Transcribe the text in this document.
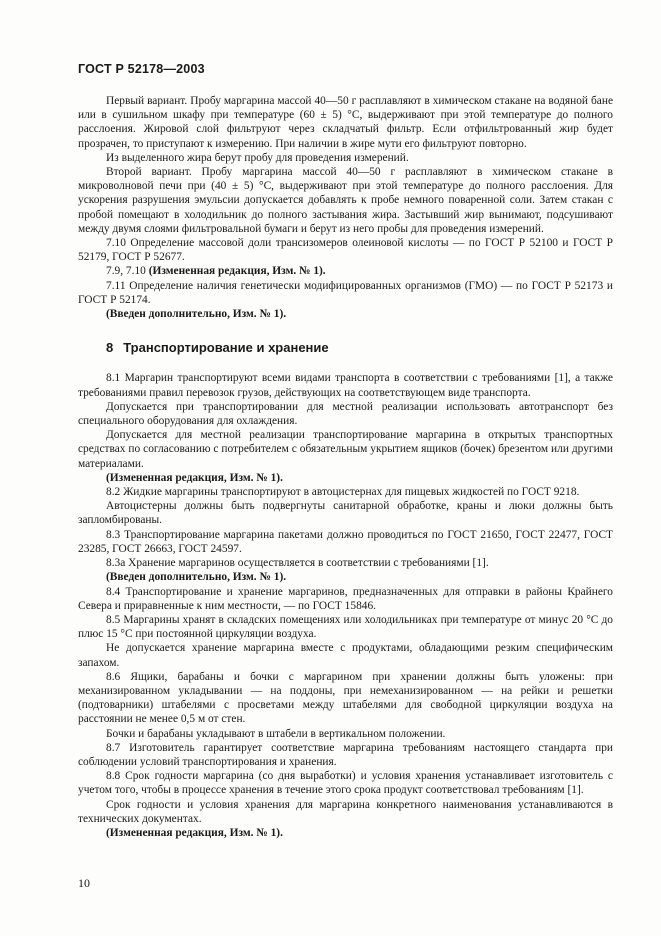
ГОСТ Р 52178—2003

Первый вариант. Пробу маргарина массой 40—50 г расплавляют в химическом стакане на водяной бане или в сушильном шкафу при температуре (60 ± 5) °С, выдерживают при этой температуре до полного расслоения. Жировой слой фильтруют через складчатый фильтр. Если отфильтрованный жир будет прозрачен, то приступают к измерению. При наличии в жире мути его фильтруют повторно.

Из выделенного жира берут пробу для проведения измерений.

Второй вариант. Пробу маргарина массой 40—50 г расплавляют в химическом стакане в микроволновой печи при (40 ± 5) °С, выдерживают при этой температуре до полного расслоения. Для ускорения разрушения эмульсии допускается добавлять к пробе немного поваренной соли. Затем стакан с пробой помещают в холодильник до полного застывания жира. Застывший жир вынимают, подсушивают между двумя слоями фильтровальной бумаги и берут из него пробы для проведения измерений.

7.10 Определение массовой доли трансизомеров олеиновой кислоты — по ГОСТ Р 52100 и ГОСТ Р 52179, ГОСТ Р 52677.

7.9, 7.10 (Измененная редакция, Изм. № 1).

7.11 Определение наличия генетически модифицированных организмов (ГМО) — по ГОСТ Р 52173 и ГОСТ Р 52174.

(Введен дополнительно, Изм. № 1).

8 Транспортирование и хранение

8.1 Маргарин транспортируют всеми видами транспорта в соответствии с требованиями [1], а также требованиями правил перевозок грузов, действующих на соответствующем виде транспорта.

Допускается при транспортировании для местной реализации использовать автотранспорт без специального оборудования для охлаждения.

Допускается для местной реализации транспортирование маргарина в открытых транспортных средствах по согласованию с потребителем с обязательным укрытием ящиков (бочек) брезентом или другими материалами.

(Измененная редакция, Изм. № 1).

8.2 Жидкие маргарины транспортируют в автоцистернах для пищевых жидкостей по ГОСТ 9218.

Автоцистерны должны быть подвергнуты санитарной обработке, краны и люки должны быть запломбированы.

8.3 Транспортирование маргарина пакетами должно проводиться по ГОСТ 21650, ГОСТ 22477, ГОСТ 23285, ГОСТ 26663, ГОСТ 24597.

8.3а Хранение маргаринов осуществляется в соответствии с требованиями [1].

(Введен дополнительно, Изм. № 1).

8.4 Транспортирование и хранение маргаринов, предназначенных для отправки в районы Крайнего Севера и приравненные к ним местности, — по ГОСТ 15846.

8.5 Маргарины хранят в складских помещениях или холодильниках при температуре от минус 20 °С до плюс 15 °С при постоянной циркуляции воздуха.

Не допускается хранение маргарина вместе с продуктами, обладающими резким специфическим запахом.

8.6 Ящики, барабаны и бочки с маргарином при хранении должны быть уложены: при механизированном укладывании — на поддоны, при немеханизированном — на рейки и решетки (подтоварники) штабелями с просветами между штабелями для свободной циркуляции воздуха на расстоянии не менее 0,5 м от стен.

Бочки и барабаны укладывают в штабели в вертикальном положении.

8.7 Изготовитель гарантирует соответствие маргарина требованиям настоящего стандарта при соблюдении условий транспортирования и хранения.

8.8 Срок годности маргарина (со дня выработки) и условия хранения устанавливает изготовитель с учетом того, чтобы в процессе хранения в течение этого срока продукт соответствовал требованиям [1].

Срок годности и условия хранения для маргарина конкретного наименования устанавливаются в технических документах.

(Измененная редакция, Изм. № 1).

10
